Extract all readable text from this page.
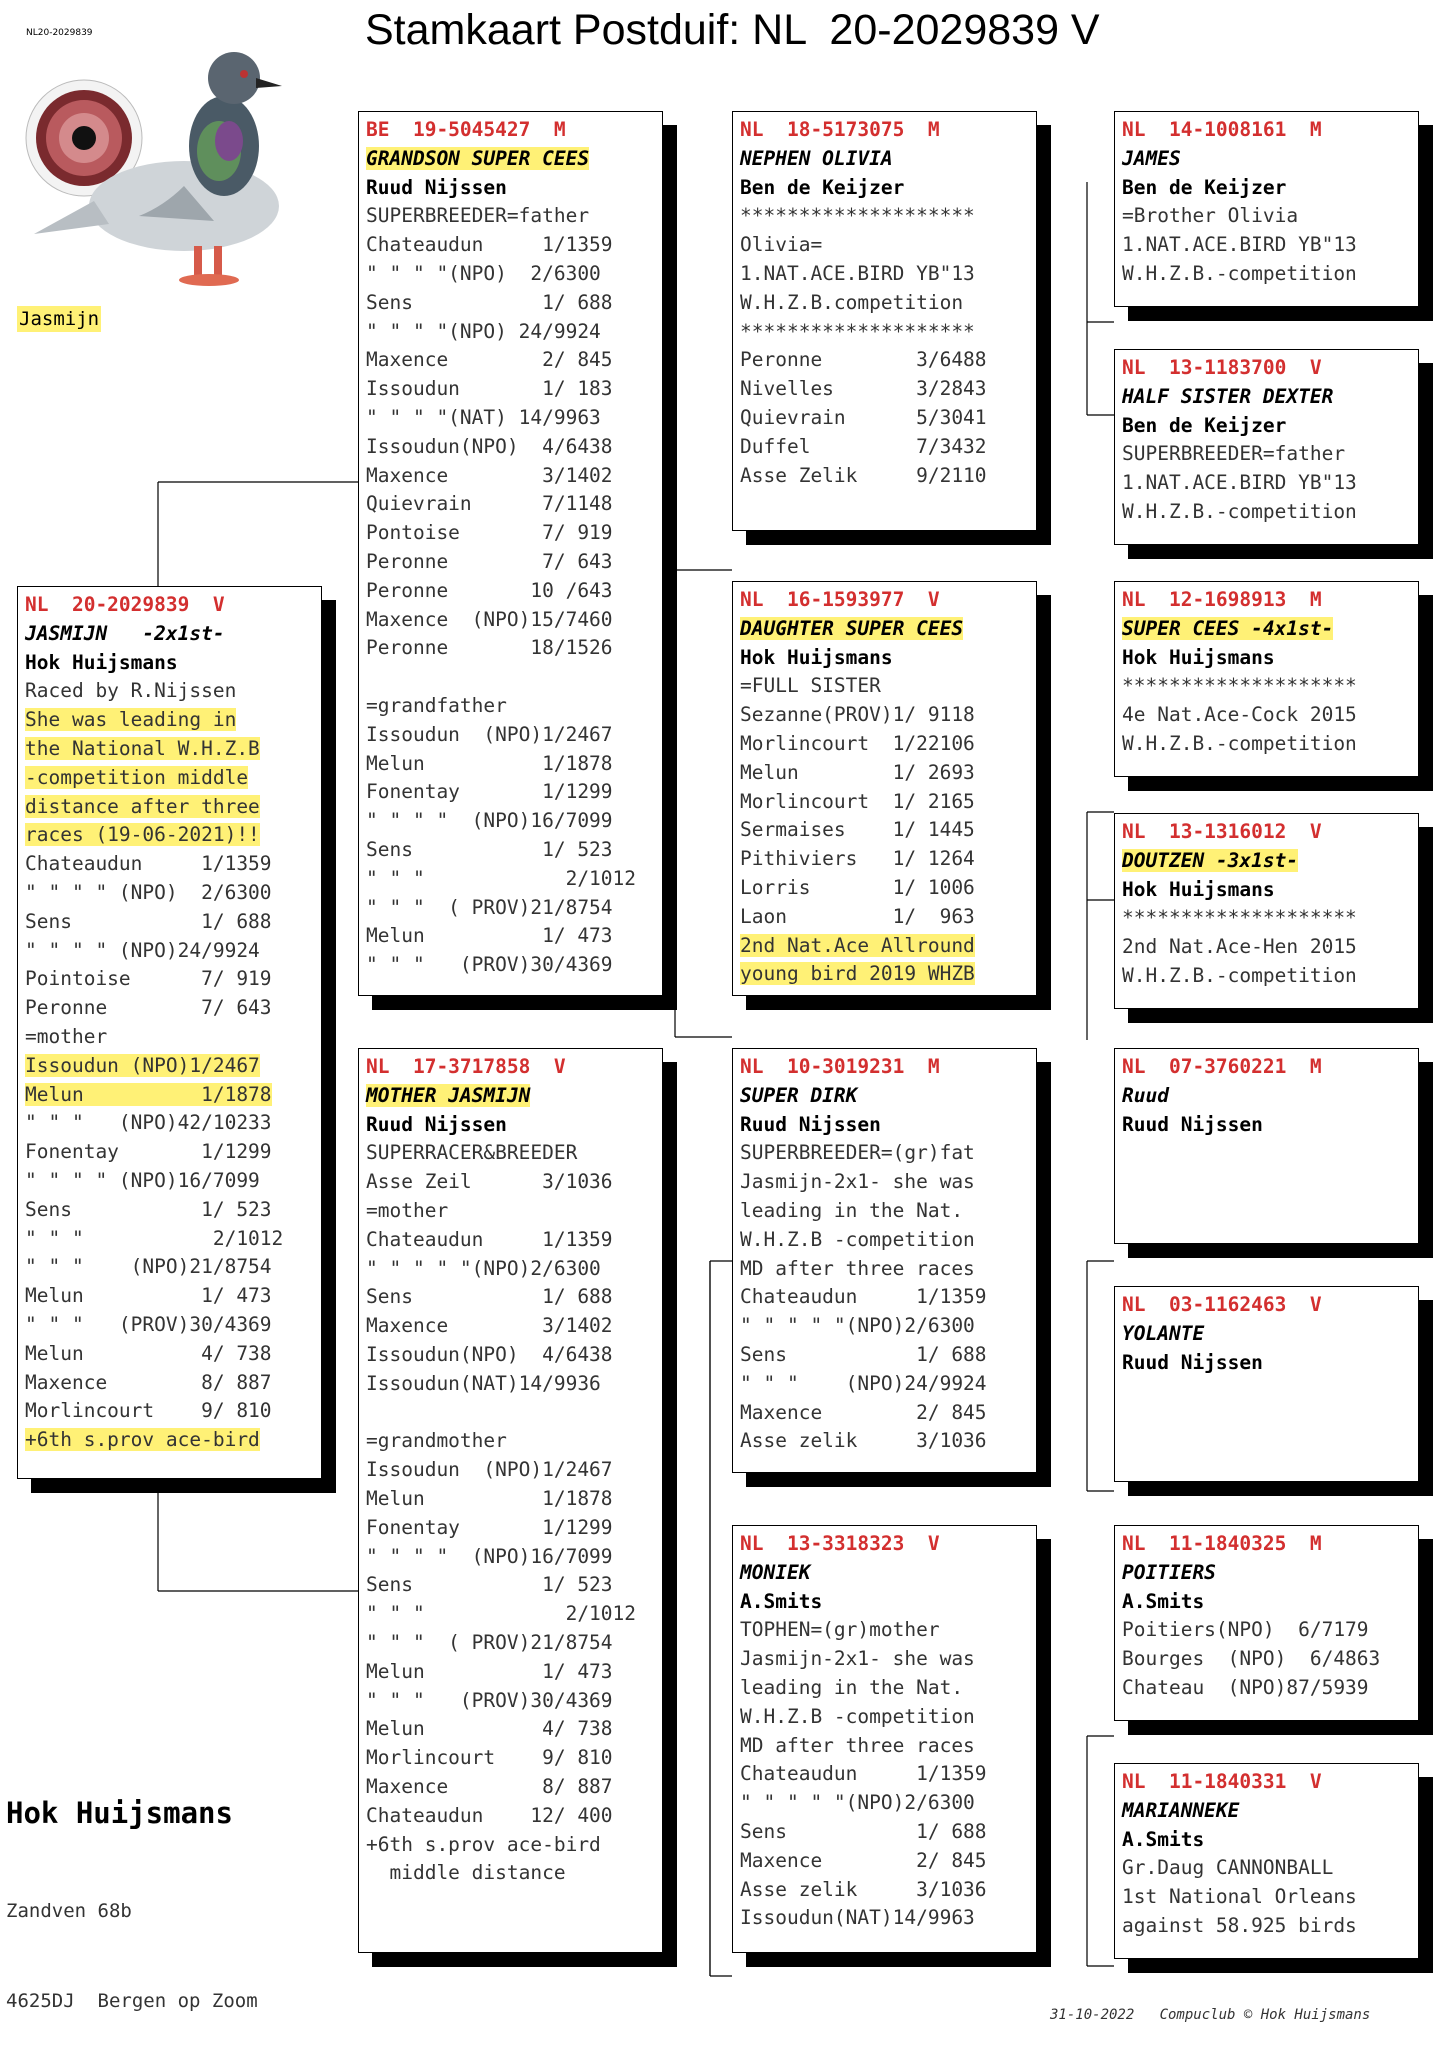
Stamkaart Postduif: NL  20-2029839 V
NL20-2029839
Jasmijn
NL  20-2029839  V
JASMIJN   -2x1st-
Hok Huijsmans
Raced by R.Nijssen
She was leading in
the National W.H.Z.B
-competition middle
distance after three
races (19-06-2021)!!
Chateaudun     1/1359
" " " " (NPO)  2/6300
Sens           1/ 688
" " " " (NPO)24/9924
Pointoise      7/ 919
Peronne        7/ 643
=mother
Issoudun (NPO)1/2467
Melun          1/1878
" " "   (NPO)42/10233
Fonentay       1/1299
" " " " (NPO)16/7099
Sens           1/ 523
" " "           2/1012
" " "    (NPO)21/8754
Melun          1/ 473
" " "   (PROV)30/4369
Melun          4/ 738
Maxence        8/ 887
Morlincourt    9/ 810
+6th s.prov ace-bird
BE  19-5045427  M
GRANDSON SUPER CEES
Ruud Nijssen
SUPERBREEDER=father
Chateaudun     1/1359
" " " "(NPO)  2/6300
Sens           1/ 688
" " " "(NPO) 24/9924
Maxence        2/ 845
Issoudun       1/ 183
" " " "(NAT) 14/9963
Issoudun(NPO)  4/6438
Maxence        3/1402
Quievrain      7/1148
Pontoise       7/ 919
Peronne        7/ 643
Peronne       10 /643
Maxence  (NPO)15/7460
Peronne       18/1526

=grandfather
Issoudun  (NPO)1/2467
Melun          1/1878
Fonentay       1/1299
" " " "  (NPO)16/7099
Sens           1/ 523
" " "            2/1012
" " "  ( PROV)21/8754
Melun          1/ 473
" " "   (PROV)30/4369
NL  17-3717858  V
MOTHER JASMIJN
Ruud Nijssen
SUPERRACER&BREEDER
Asse Zeil      3/1036
=mother
Chateaudun     1/1359
" " " " "(NPO)2/6300
Sens           1/ 688
Maxence        3/1402
Issoudun(NPO)  4/6438
Issoudun(NAT)14/9936

=grandmother
Issoudun  (NPO)1/2467
Melun          1/1878
Fonentay       1/1299
" " " "  (NPO)16/7099
Sens           1/ 523
" " "            2/1012
" " "  ( PROV)21/8754
Melun          1/ 473
" " "   (PROV)30/4369
Melun          4/ 738
Morlincourt    9/ 810
Maxence        8/ 887
Chateaudun    12/ 400
+6th s.prov ace-bird
middle distance
NL  18-5173075  M
NEPHEN OLIVIA
Ben de Keijzer
********************
Olivia=
1.NAT.ACE.BIRD YB"13
W.H.Z.B.competition
********************
Peronne        3/6488
Nivelles       3/2843
Quievrain      5/3041
Duffel         7/3432
Asse Zelik     9/2110
NL  16-1593977  V
DAUGHTER SUPER CEES
Hok Huijsmans
=FULL SISTER
Sezanne(PROV)1/ 9118
Morlincourt  1/22106
Melun        1/ 2693
Morlincourt  1/ 2165
Sermaises    1/ 1445
Pithiviers   1/ 1264
Lorris       1/ 1006
Laon         1/  963
2nd Nat.Ace Allround
young bird 2019 WHZB
NL  10-3019231  M
SUPER DIRK
Ruud Nijssen
SUPERBREEDER=(gr)fat
Jasmijn-2x1- she was
leading in the Nat.
W.H.Z.B -competition
MD after three races
Chateaudun     1/1359
" " " " "(NPO)2/6300
Sens           1/ 688
" " "    (NPO)24/9924
Maxence        2/ 845
Asse zelik     3/1036
NL  13-3318323  V
MONIEK
A.Smits
TOPHEN=(gr)mother
Jasmijn-2x1- she was
leading in the Nat.
W.H.Z.B -competition
MD after three races
Chateaudun     1/1359
" " " " "(NPO)2/6300
Sens           1/ 688
Maxence        2/ 845
Asse zelik     3/1036
Issoudun(NAT)14/9963
NL  14-1008161  M
JAMES
Ben de Keijzer
=Brother Olivia
1.NAT.ACE.BIRD YB"13
W.H.Z.B.-competition
NL  13-1183700  V
HALF SISTER DEXTER
Ben de Keijzer
SUPERBREEDER=father
1.NAT.ACE.BIRD YB"13
W.H.Z.B.-competition
NL  12-1698913  M
SUPER CEES -4x1st-
Hok Huijsmans
********************
4e Nat.Ace-Cock 2015
W.H.Z.B.-competition
NL  13-1316012  V
DOUTZEN -3x1st-
Hok Huijsmans
********************
2nd Nat.Ace-Hen 2015
W.H.Z.B.-competition
NL  07-3760221  M
Ruud
Ruud Nijssen
NL  03-1162463  V
YOLANTE
Ruud Nijssen
NL  11-1840325  M
POITIERS
A.Smits
Poitiers(NPO)  6/7179
Bourges  (NPO)  6/4863
Chateau  (NPO)87/5939
NL  11-1840331  V
MARIANNEKE
A.Smits
Gr.Daug CANNONBALL
1st National Orleans
against 58.925 birds
Hok Huijsmans

Zandven 68b

4625DJ  Bergen op Zoom

31-10-2022   Compuclub © Hok Huijsmans
